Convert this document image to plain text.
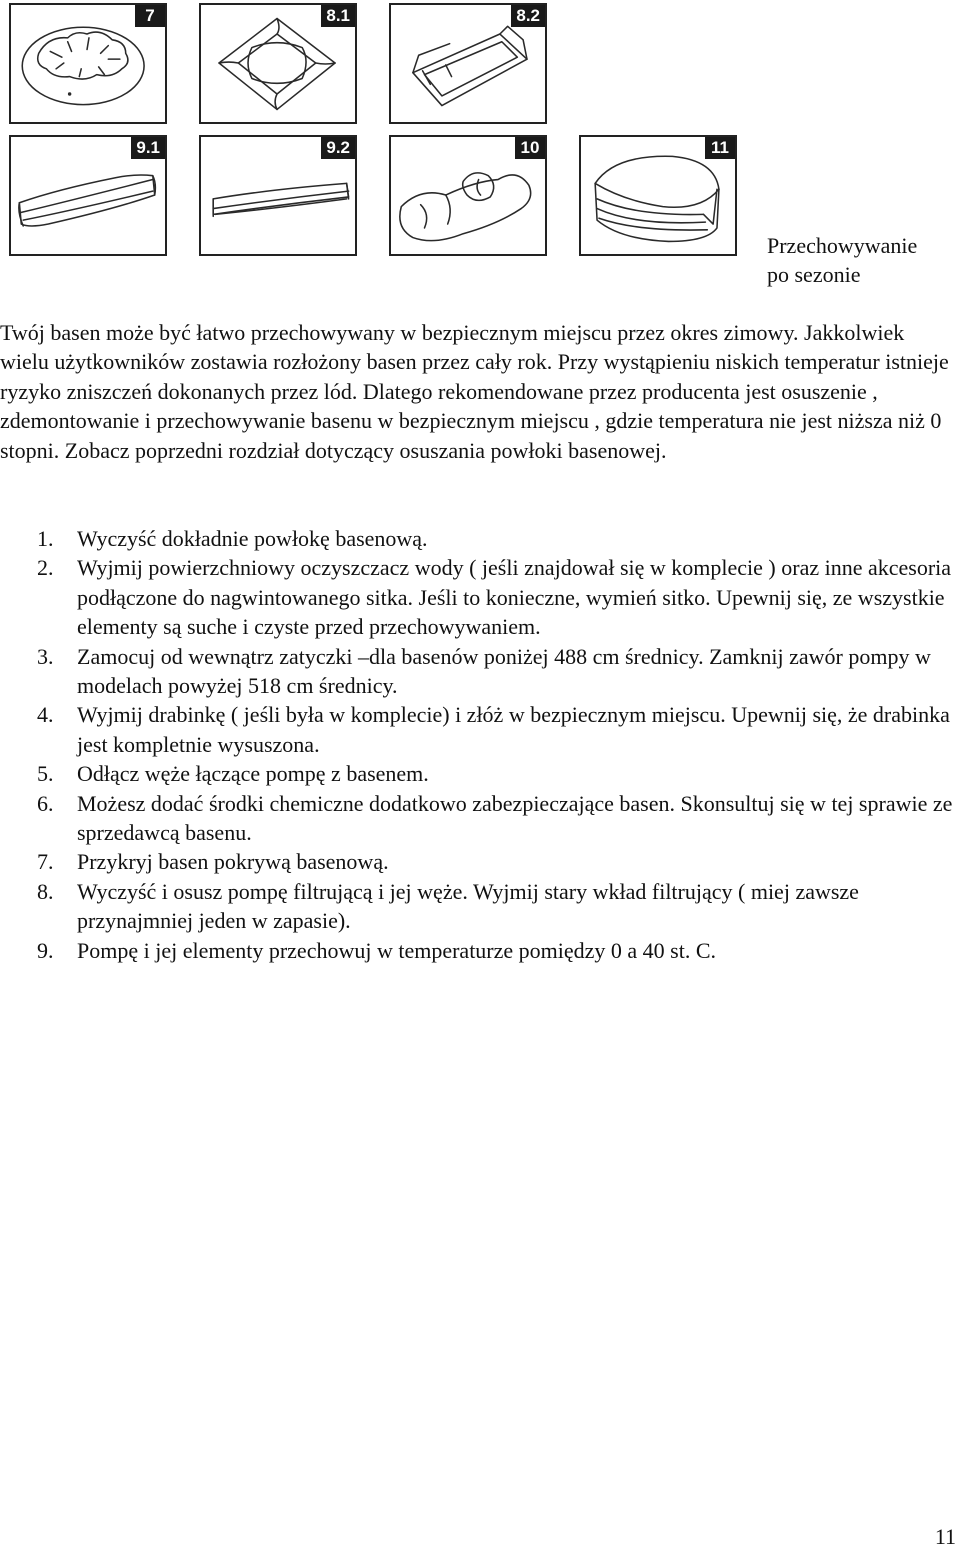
7	8.1	8.2
9.1	9.2	10	11
Przechowywanie
po sezonie

Twój basen może być łatwo przechowywany w bezpiecznym miejscu przez okres zimowy. Jakkolwiek wielu użytkowników zostawia rozłożony basen przez cały rok. Przy wystąpieniu niskich temperatur istnieje ryzyko zniszczeń dokonanych przez lód. Dlatego rekomendowane przez producenta jest osuszenie , zdemontowanie i przechowywanie basenu w bezpiecznym miejscu , gdzie temperatura nie jest niższa niż 0 stopni. Zobacz poprzedni rozdział dotyczący osuszania powłoki basenowej.

1. Wyczyść dokładnie powłokę basenową.
2. Wyjmij powierzchniowy oczyszczacz wody ( jeśli znajdował się w komplecie ) oraz inne akcesoria podłączone do nagwintowanego sitka. Jeśli to konieczne, wymień sitko. Upewnij się, ze wszystkie elementy są suche i czyste przed przechowywaniem.
3. Zamocuj od wewnątrz zatyczki –dla basenów poniżej 488 cm średnicy. Zamknij zawór pompy w modelach powyżej 518 cm średnicy.
4. Wyjmij drabinkę ( jeśli była w komplecie) i złóż w bezpiecznym miejscu. Upewnij się, że drabinka jest kompletnie wysuszona.
5. Odłącz węże łączące pompę z basenem.
6. Możesz dodać środki chemiczne dodatkowo zabezpieczające basen. Skonsultuj się w tej sprawie ze sprzedawcą basenu.
7. Przykryj basen pokrywą basenową.
8. Wyczyść i osusz pompę filtrującą i jej węże. Wyjmij stary wkład filtrujący ( miej zawsze przynajmniej jeden w zapasie).
9. Pompę i jej elementy przechowuj w temperaturze pomiędzy 0 a 40 st. C.
11
